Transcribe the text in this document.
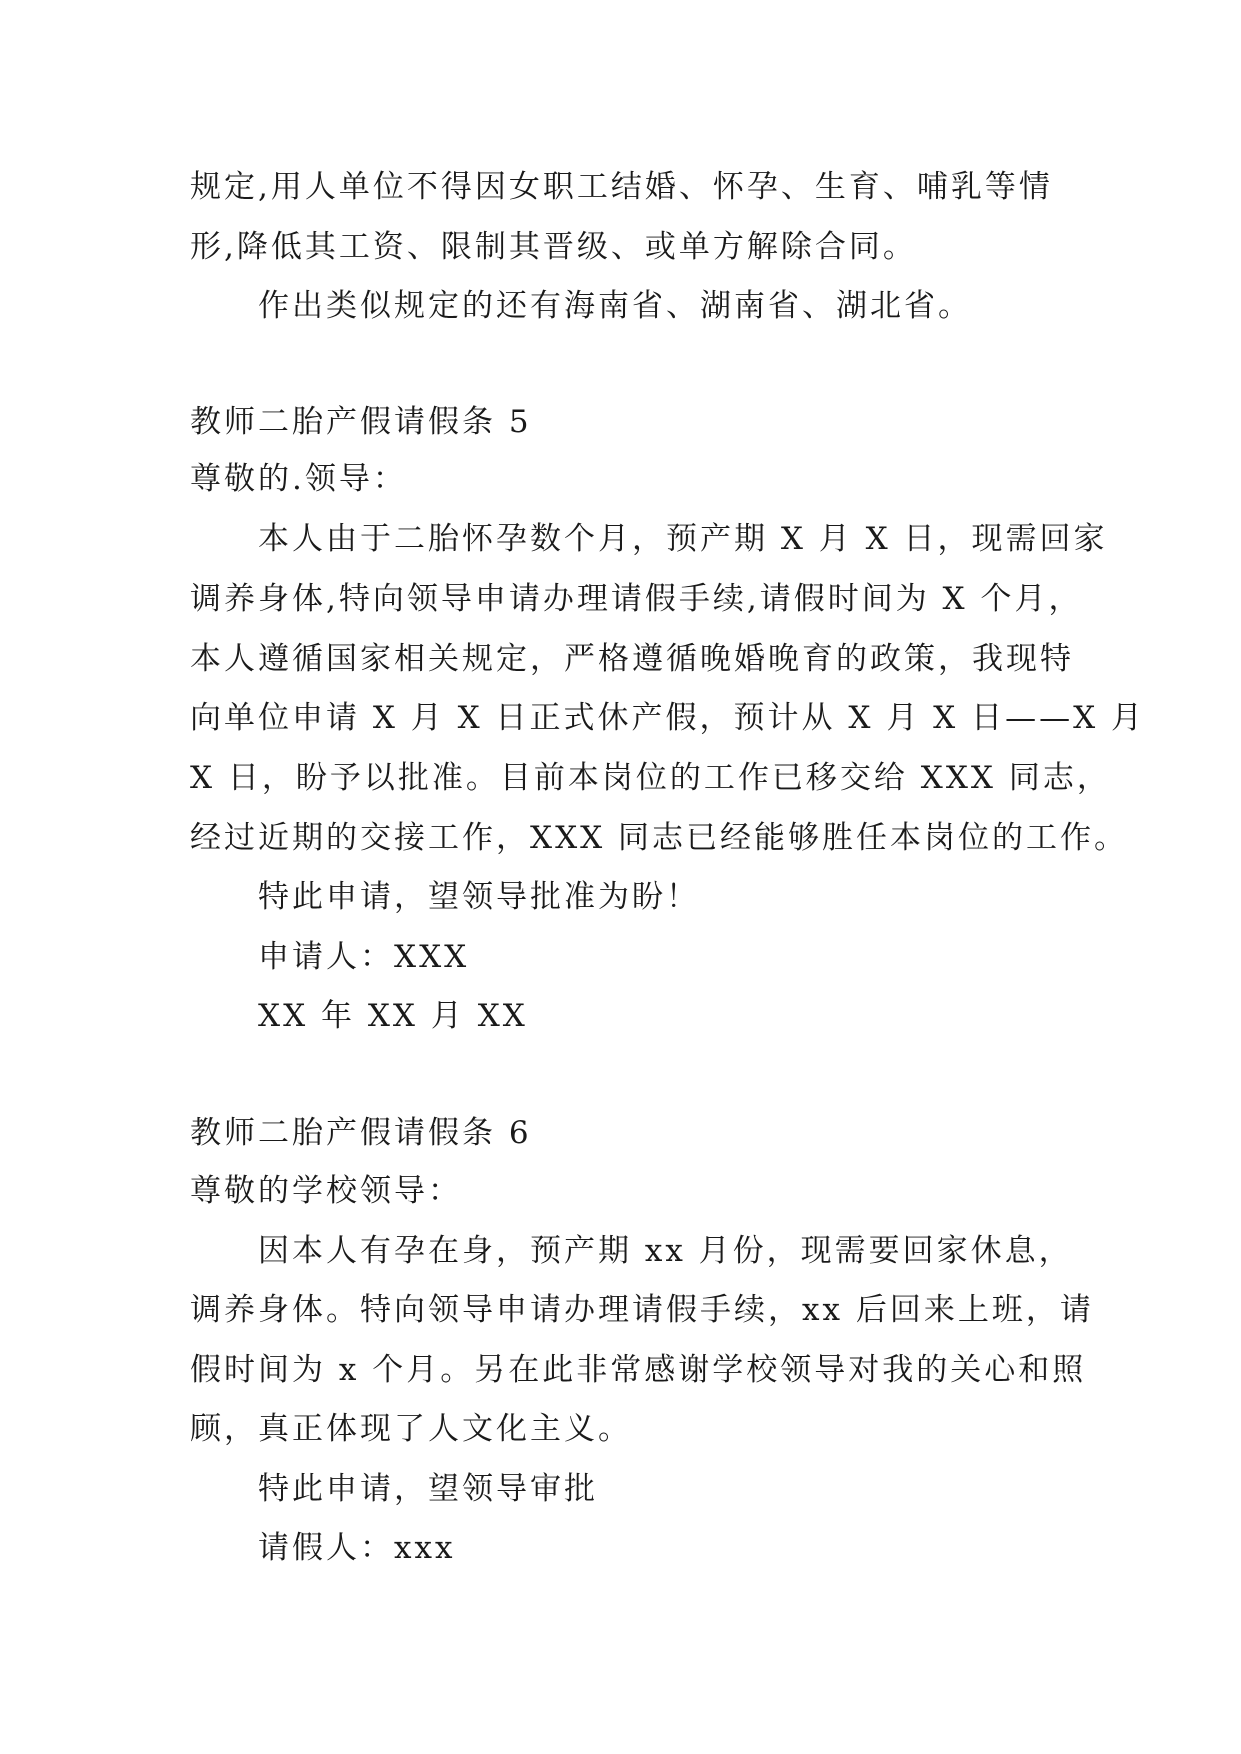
规定,用人单位不得因女职工结婚、怀孕、生育、哺乳等情
形,降低其工资、限制其晋级、或单方解除合同。
作出类似规定的还有海南省、湖南省、湖北省。
教师二胎产假请假条 5
尊敬的.领导：
本人由于二胎怀孕数个月，预产期 X 月 X 日，现需回家
调养身体,特向领导申请办理请假手续,请假时间为 X 个月，
本人遵循国家相关规定，严格遵循晚婚晚育的政策，我现特
向单位申请 X 月 X 日正式休产假，预计从 X 月 X 日——X 月
X 日，盼予以批准。目前本岗位的工作已移交给 XXX 同志，
经过近期的交接工作，XXX 同志已经能够胜任本岗位的工作。
特此申请，望领导批准为盼！
申请人：XXX
XX 年 XX 月 XX
教师二胎产假请假条 6
尊敬的学校领导：
因本人有孕在身，预产期 xx 月份，现需要回家休息，
调养身体。特向领导申请办理请假手续，xx 后回来上班，请
假时间为 x 个月。另在此非常感谢学校领导对我的关心和照
顾，真正体现了人文化主义。
特此申请，望领导审批
请假人：xxx
